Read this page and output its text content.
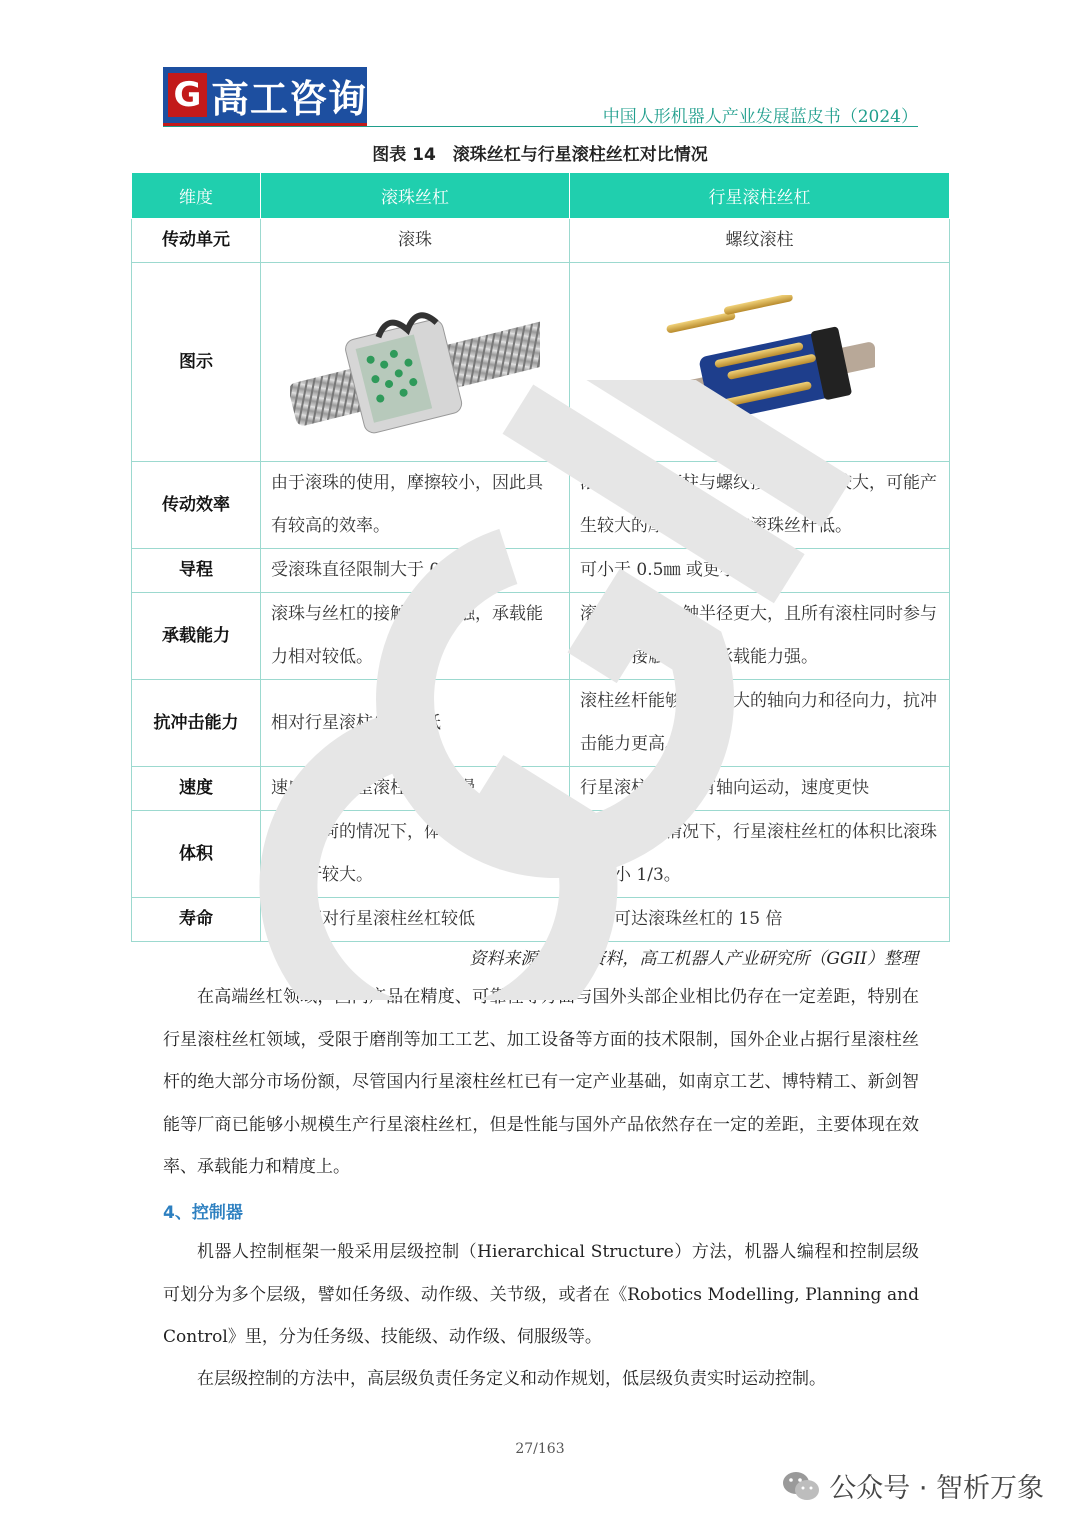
G 高工咨询	中国人形机器人产业发展蓝皮书（2024）
图表 14　滚珠丝杠与行星滚柱丝杠对比情况
维度	滚珠丝杠	行星滚柱丝杠
传动单元	滚珠	螺纹滚柱
图示		
传动效率	由于滚珠的使用，摩擦较小，因此具有较高的效率。	滚柱丝杆的滚柱与螺纹接触面相对较大，可能产生较大的摩擦，效率较滚珠丝杆低。
导程	受滚珠直径限制大于 0.5㎜	可小于 0.5㎜ 或更小
承载能力	滚珠与丝杠的接触为点接触，承载能力相对较低。	滚柱与丝杠接触半径更大，且所有滚柱同时参与啮合，接触点多，承载能力强。
抗冲击能力	相对行星滚柱丝杠较低	滚柱丝杆能够承受更大的轴向力和径向力，抗冲击能力更高。
速度	速度相对行星滚柱丝杆较慢	行星滚柱丝杠没有轴向运动，速度更快
体积	在同载荷的情况下，体积相对行星滚柱丝杆较大。	在同载荷的情况下，行星滚柱丝杠的体积比滚珠丝杠小 1/3。
寿命	寿命相对行星滚柱丝杠较低	寿命可达滚珠丝杠的 15 倍
资料来源：公开资料，高工机器人产业研究所（GGII）整理

在高端丝杠领域，国内产品在精度、可靠性等方面与国外头部企业相比仍存在一定差距，特别在行星滚柱丝杠领域，受限于磨削等加工工艺、加工设备等方面的技术限制，国外企业占据行星滚柱丝杆的绝大部分市场份额，尽管国内行星滚柱丝杠已有一定产业基础，如南京工艺、博特精工、新剑智能等厂商已能够小规模生产行星滚柱丝杠，但是性能与国外产品依然存在一定的差距，主要体现在效率、承载能力和精度上。

4、控制器

机器人控制框架一般采用层级控制（Hierarchical Structure）方法，机器人编程和控制层级可划分为多个层级，譬如任务级、动作级、关节级，或者在《Robotics Modelling, Planning and Control》里，分为任务级、技能级、动作级、伺服级等。

在层级控制的方法中，高层级负责任务定义和动作规划，低层级负责实时运动控制。

27/163
公众号 · 智析万象
